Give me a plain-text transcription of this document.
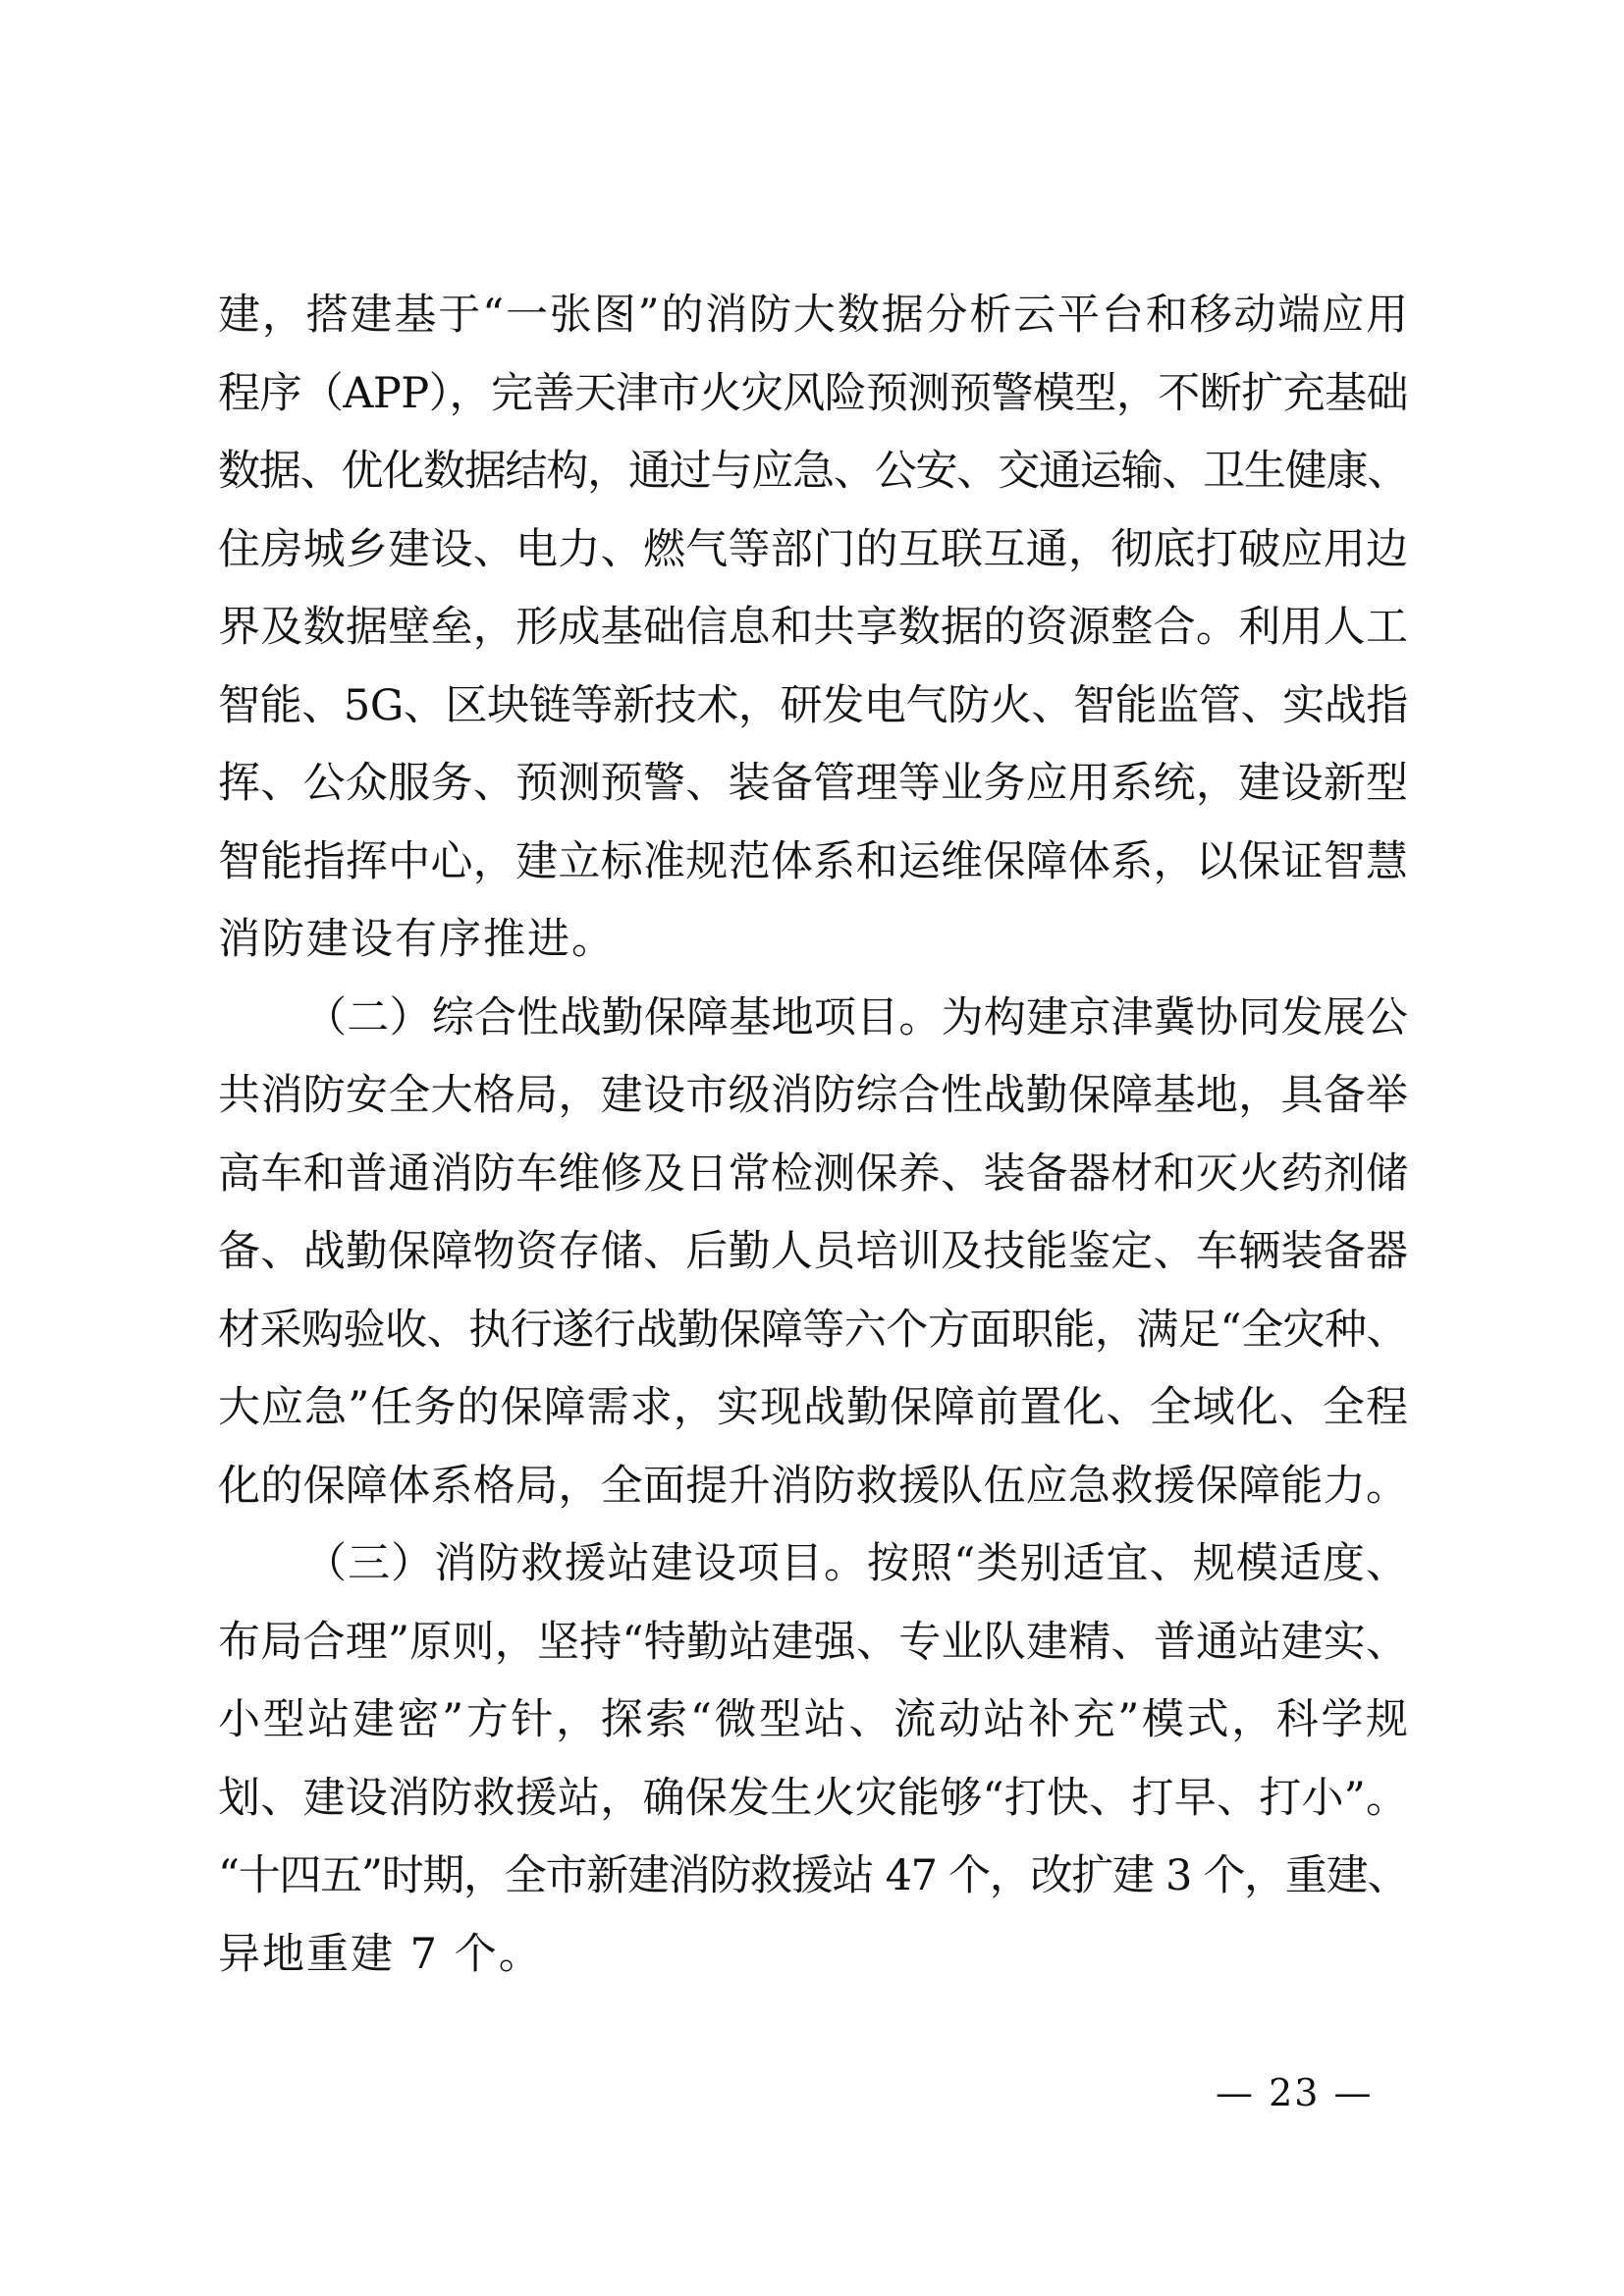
建，搭建基于“一张图”的消防大数据分析云平台和移动端应用
程序（APP），完善天津市火灾风险预测预警模型，不断扩充基础
数据、优化数据结构，通过与应急、公安、交通运输、卫生健康、
住房城乡建设、电力、燃气等部门的互联互通，彻底打破应用边
界及数据壁垒，形成基础信息和共享数据的资源整合。利用人工
智能、5G、区块链等新技术，研发电气防火、智能监管、实战指
挥、公众服务、预测预警、装备管理等业务应用系统，建设新型
智能指挥中心，建立标准规范体系和运维保障体系，以保证智慧
消防建设有序推进。

（二）综合性战勤保障基地项目。为构建京津冀协同发展公
共消防安全大格局，建设市级消防综合性战勤保障基地，具备举
高车和普通消防车维修及日常检测保养、装备器材和灭火药剂储
备、战勤保障物资存储、后勤人员培训及技能鉴定、车辆装备器
材采购验收、执行遂行战勤保障等六个方面职能，满足“全灾种、
大应急”任务的保障需求，实现战勤保障前置化、全域化、全程
化的保障体系格局，全面提升消防救援队伍应急救援保障能力。

（三）消防救援站建设项目。按照“类别适宜、规模适度、
布局合理”原则，坚持“特勤站建强、专业队建精、普通站建实、
小型站建密”方针，探索“微型站、流动站补充”模式，科学规
划、建设消防救援站，确保发生火灾能够“打快、打早、打小”。
“十四五”时期，全市新建消防救援站 47 个，改扩建 3 个，重建、
异地重建 7 个。

— 23 —
